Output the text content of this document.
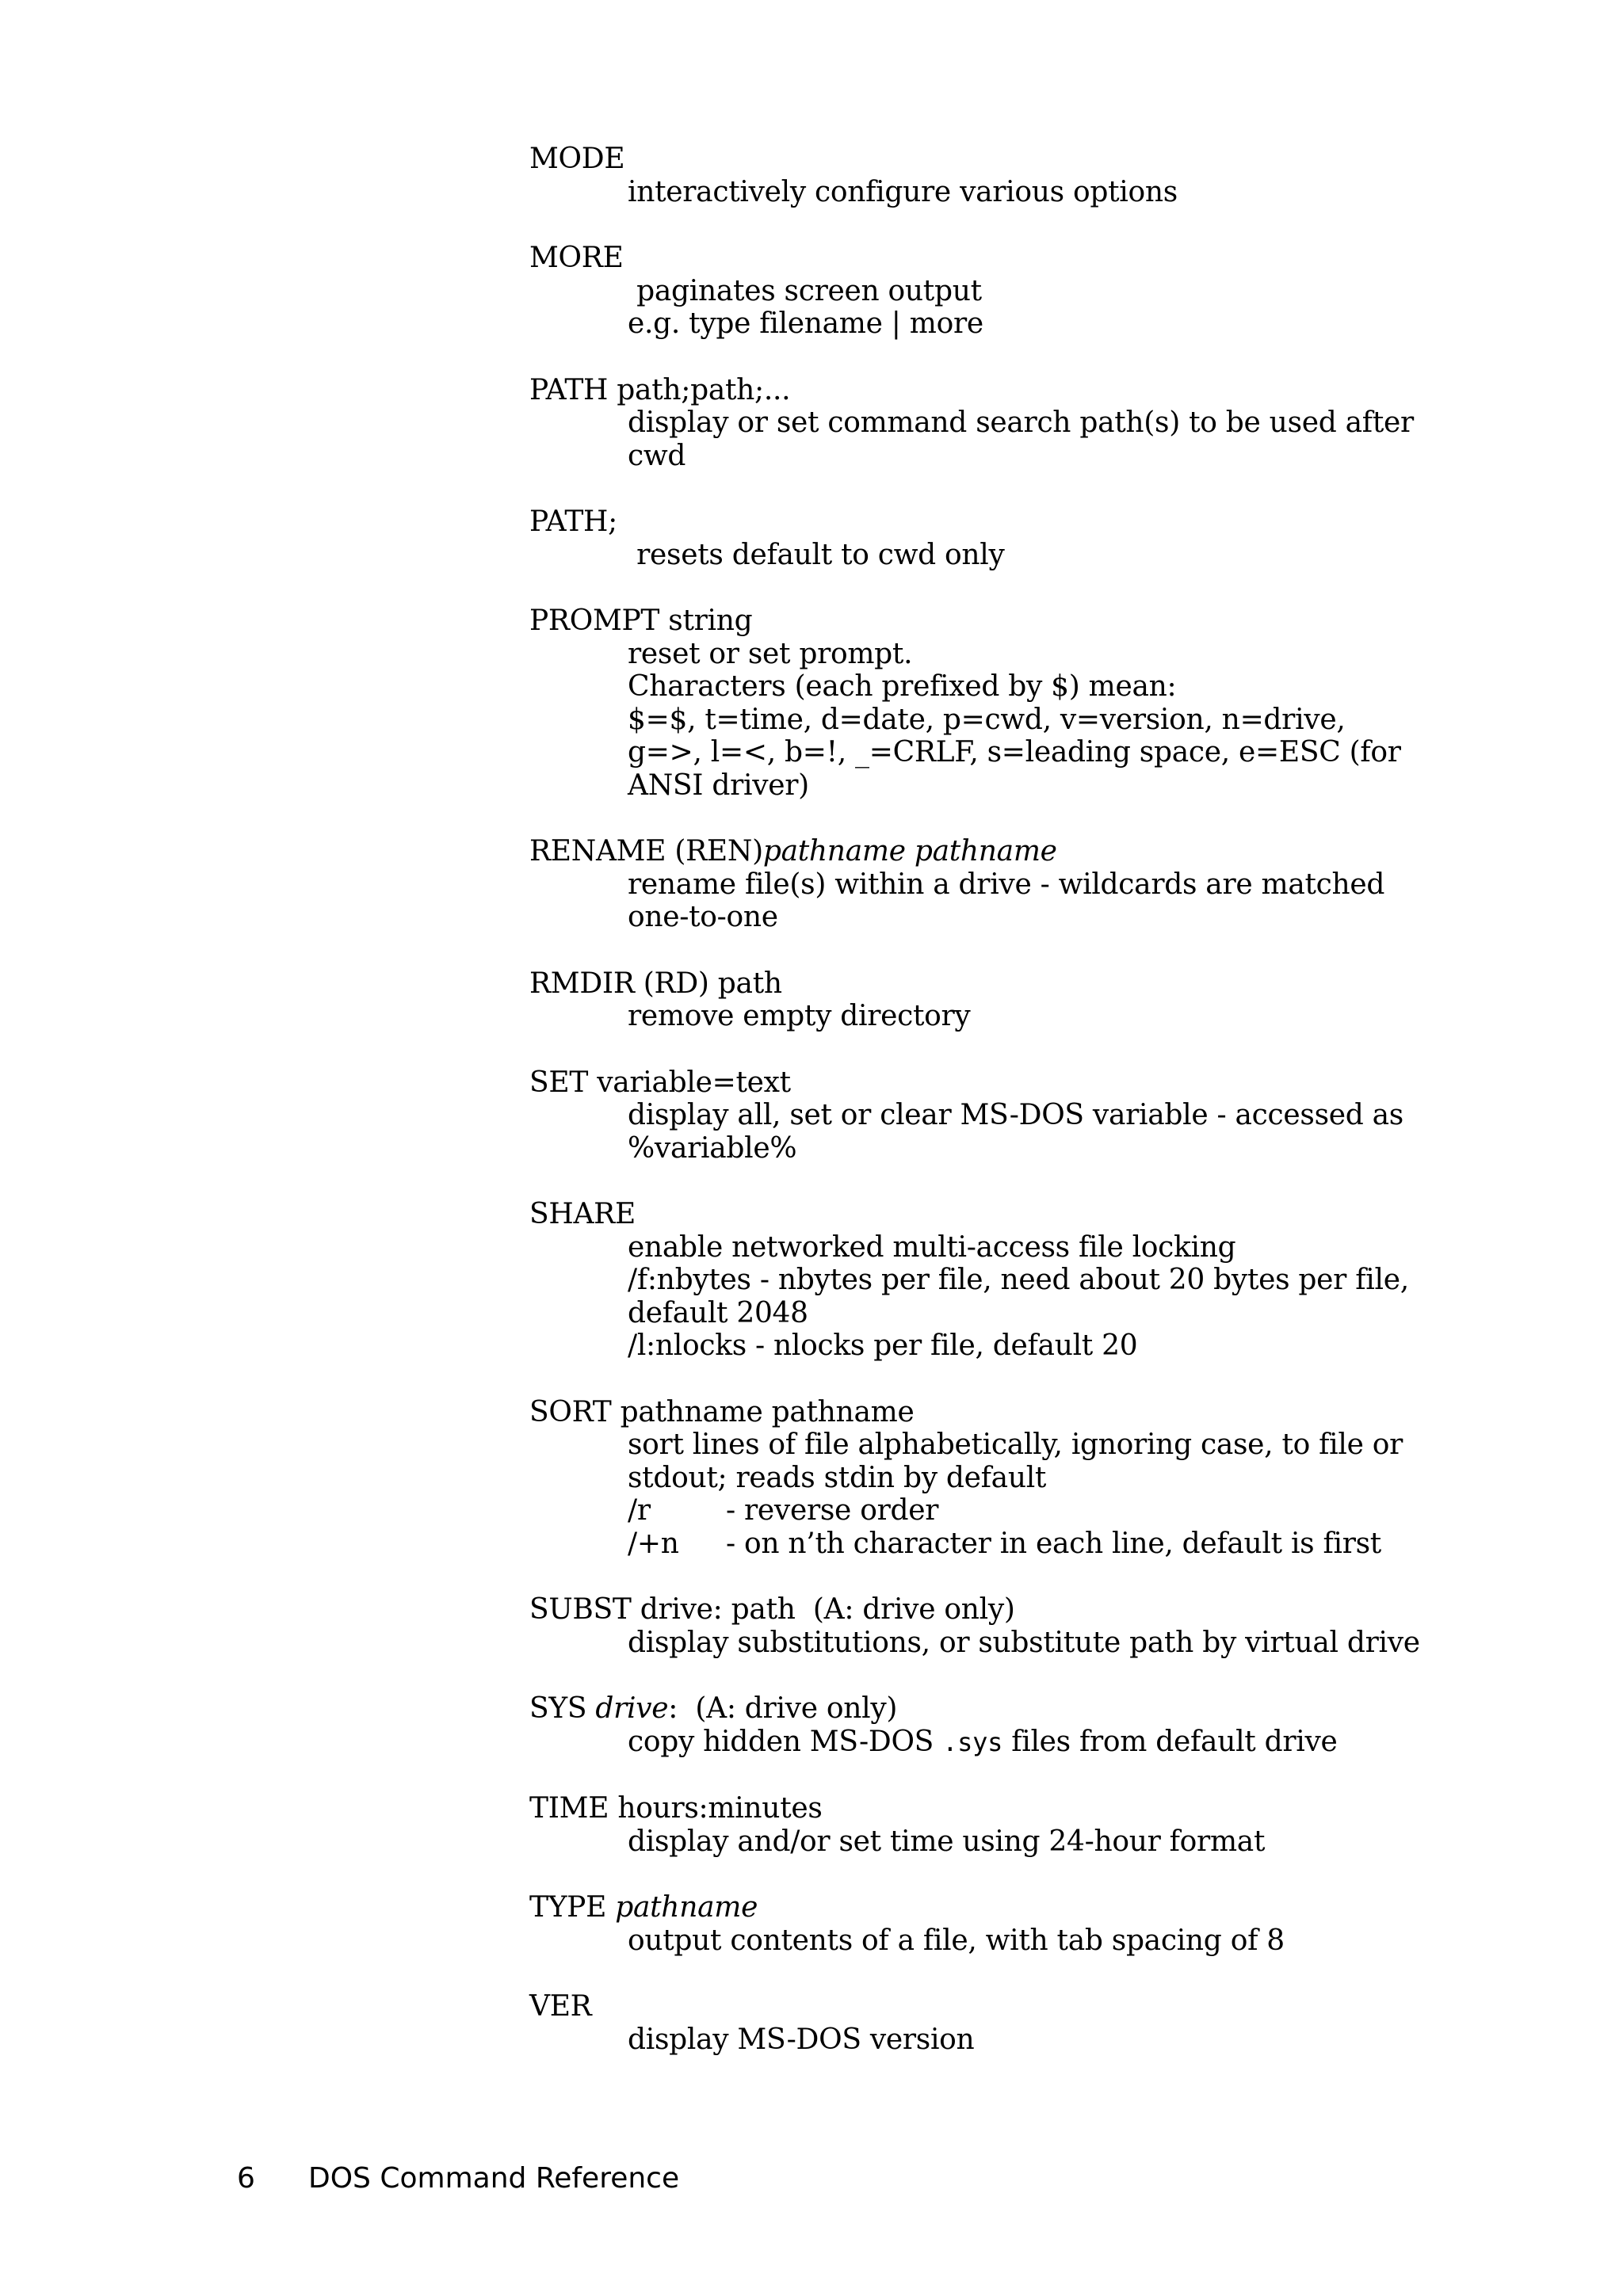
MODE
interactively configure various options
MORE
paginates screen output
e.g. type filename | more
PATH path;path;...
display or set command search path(s) to be used after
cwd
PATH;
resets default to cwd only
PROMPT string
reset or set prompt.
Characters (each prefixed by $) mean:
$=$, t=time, d=date, p=cwd, v=version, n=drive,
g=>, l=<, b=!, _=CRLF, s=leading space, e=ESC (for
ANSI driver)
RENAME (REN)pathname pathname
rename file(s) within a drive - wildcards are matched
one-to-one
RMDIR (RD) path
remove empty directory
SET variable=text
display all, set or clear MS-DOS variable - accessed as
%variable%
SHARE
enable networked multi-access file locking
/f:nbytes - nbytes per file, need about 20 bytes per file,
default 2048
/l:nlocks - nlocks per file, default 20
SORT pathname pathname
sort lines of file alphabetically, ignoring case, to file or
stdout; reads stdin by default
/r	- reverse order
/+n - on n’th character in each line, default is first
SUBST drive: path  (A: drive only)
display substitutions, or substitute path by virtual drive
SYS drive:  (A: drive only)
copy hidden MS-DOS .sys files from default drive
TIME hours:minutes
display and/or set time using 24-hour format
TYPE pathname
output contents of a file, with tab spacing of 8
VER
display MS-DOS version
6 DOS Command Reference
